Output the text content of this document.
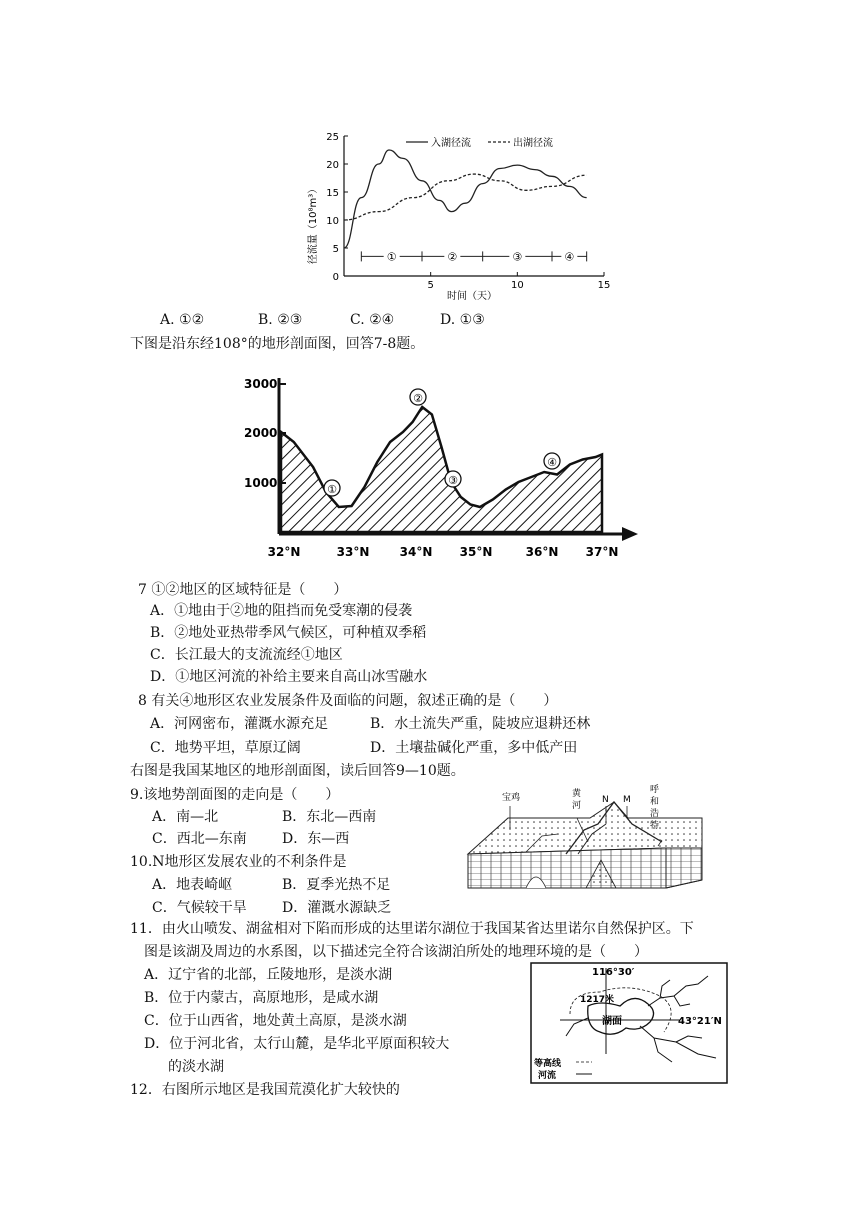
0
5
10
15
20
25
5	10	15
①	②	③	④
径流量（10⁸m³）
时间（天）
入湖径流	出湖径流
A. ①②	B. ②③	C. ②④	D. ①③
下图是沿东经108°的地形剖面图，回答7-8题。
1000
2000
3000
32°N	33°N	34°N 35°N	36°N 37°N
①
②
③
④
7 ①②地区的区域特征是（　　）
A．①地由于②地的阻挡而免受寒潮的侵袭
B．②地处亚热带季风气候区，可种植双季稻
C．长江最大的支流流经①地区
D．①地区河流的补给主要来自高山冰雪融水
8 有关④地形区农业发展条件及面临的问题，叙述正确的是（　　）
A．河网密布，灌溉水源充足	B．水土流失严重，陡坡应退耕还林
C．地势平坦，草原辽阔	D．土壤盐碱化严重，多中低产田
右图是我国某地区的地形剖面图，读后回答9—10题。
9.该地势剖面图的走向是（　　）
A．南—北	B．东北—西南
C．西北—东南	D．东—西
10.N地形区发展农业的不利条件是
A．地表崎岖	B．夏季光热不足
C．气候较干旱	D．灌溉水源缺乏
宝鸡	黄
河
N M
呼
和
浩
特
11．由火山喷发、湖盆相对下陷而形成的达里诺尔湖位于我国某省达里诺尔自然保护区。下
图是该湖及周边的水系图，以下描述完全符合该湖泊所处的地理环境的是（　　）
A．辽宁省的北部，丘陵地形，是淡水湖
B．位于内蒙古，高原地形，是咸水湖
C．位于山西省，地处黄土高原，是淡水湖
D．位于河北省，太行山麓，是华北平原面积较大
的淡水湖
116°30′
43°21′N
1217米
湖面
等高线
河流
12．右图所示地区是我国荒漠化扩大较快的
